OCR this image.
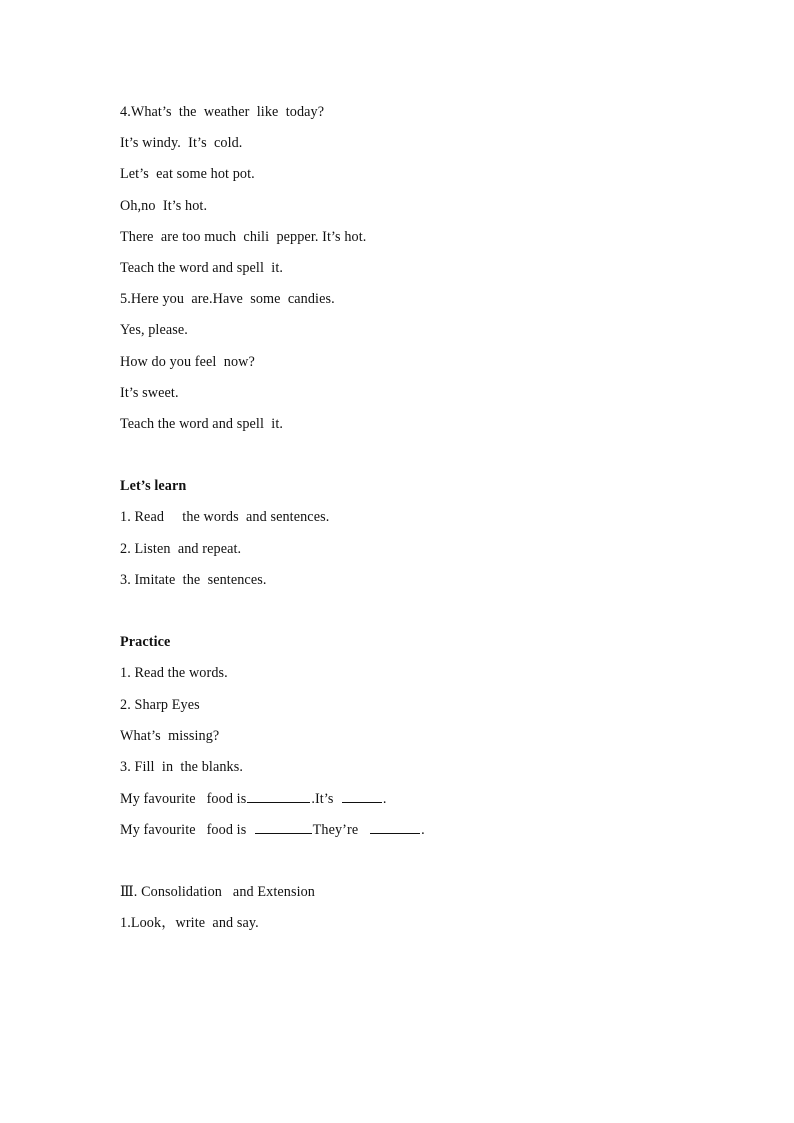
4.What’s  the  weather  like  today?
It’s windy.  It’s  cold.
Let’s  eat some hot pot.
Oh,no  It’s hot.
There  are too much  chili  pepper. It’s hot.
Teach the word and spell  it.
5.Here you  are.Have  some  candies.
Yes, please.
How do you feel  now?
It’s sweet.
Teach the word and spell  it.
Let’s learn
1. Read     the words  and sentences.
2. Listen  and repeat.
3. Imitate  the  sentences.
Practice
1. Read the words.
2. Sharp Eyes
What’s  missing?
3. Fill  in  the blanks.
My favourite   food is	.It’s	.
My favourite   food is	They’re	.
Ⅲ. Consolidation   and Extension
1.Look，write  and say.
